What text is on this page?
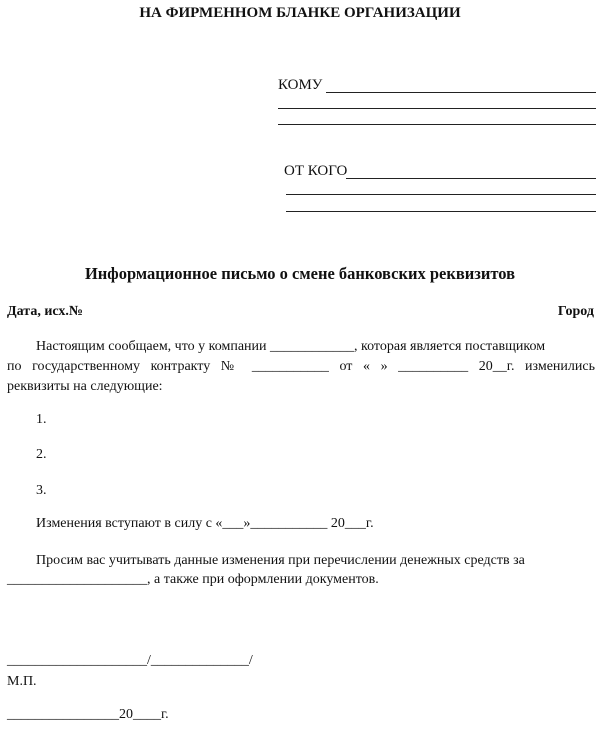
НА ФИРМЕННОМ БЛАНКЕ ОРГАНИЗАЦИИ
КОМУ
ОТ КОГО
Информационное письмо о смене банковских реквизитов
Дата, исх.№	Город
Настоящим сообщаем, что у компании ____________, которая является поставщиком
по государственному контракту № ___________ от « » __________ 20__г. изменились
реквизиты на следующие:
1.
2.
3.
Изменения вступают в силу с «___»___________ 20___г.
Просим вас учитывать данные изменения при перечислении денежных средств за
____________________, а также при оформлении документов.
____________________/______________/
М.П.
________________20____г.
